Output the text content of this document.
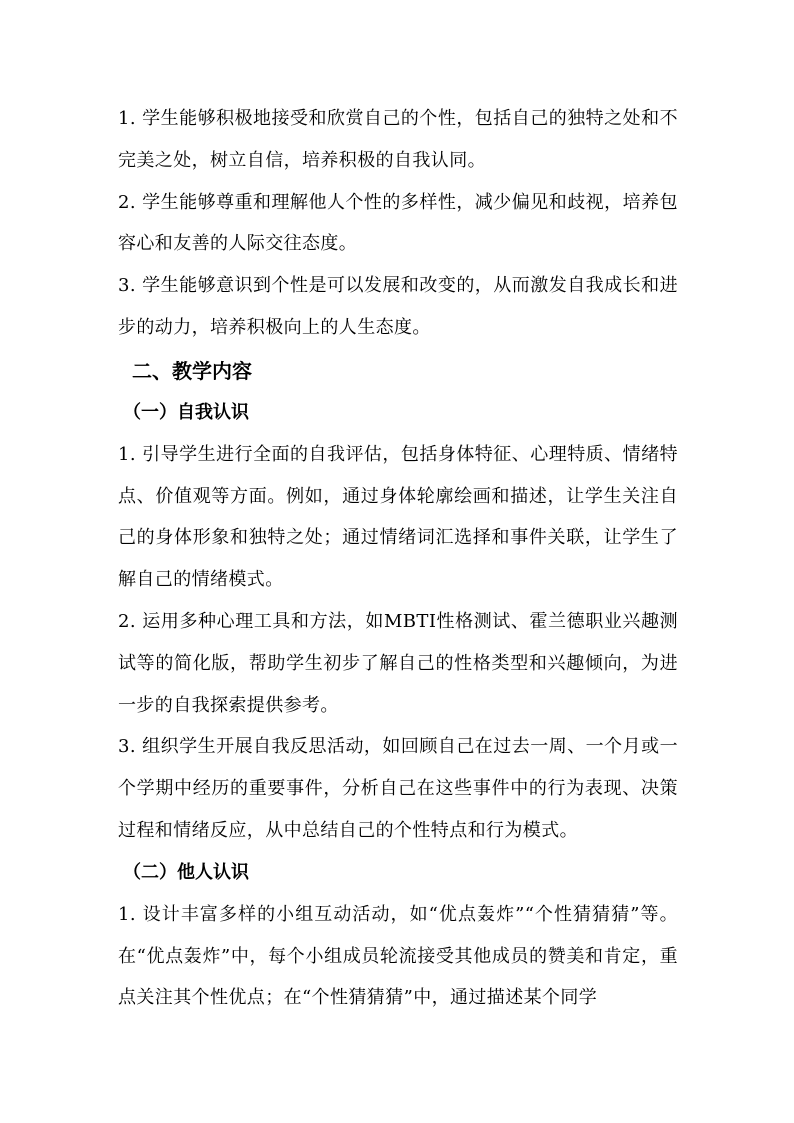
1. 学生能够积极地接受和欣赏自己的个性，包括自己的独特之处和不完美之处，树立自信，培养积极的自我认同。

2. 学生能够尊重和理解他人个性的多样性，减少偏见和歧视，培养包容心和友善的人际交往态度。

3. 学生能够意识到个性是可以发展和改变的，从而激发自我成长和进步的动力，培养积极向上的人生态度。

二、教学内容

（一）自我认识

1. 引导学生进行全面的自我评估，包括身体特征、心理特质、情绪特点、价值观等方面。例如，通过身体轮廓绘画和描述，让学生关注自己的身体形象和独特之处；通过情绪词汇选择和事件关联，让学生了解自己的情绪模式。

2. 运用多种心理工具和方法，如MBTI性格测试、霍兰德职业兴趣测试等的简化版，帮助学生初步了解自己的性格类型和兴趣倾向，为进一步的自我探索提供参考。

3. 组织学生开展自我反思活动，如回顾自己在过去一周、一个月或一个学期中经历的重要事件，分析自己在这些事件中的行为表现、决策过程和情绪反应，从中总结自己的个性特点和行为模式。

（二）他人认识

1. 设计丰富多样的小组互动活动，如“优点轰炸”“个性猜猜猜”等。在“优点轰炸”中，每个小组成员轮流接受其他成员的赞美和肯定，重点关注其个性优点；在“个性猜猜猜”中，通过描述某个同学
